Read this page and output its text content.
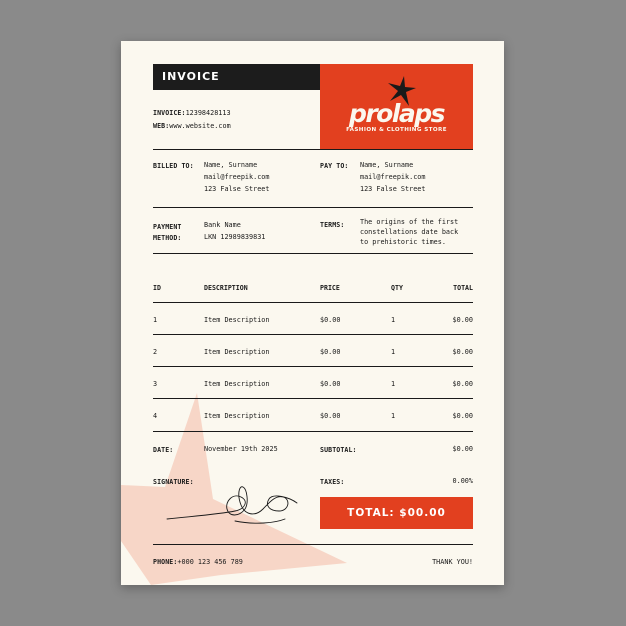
INVOICE
prolaps
FASHION & CLOTHING STORE
INVOICE:12398428113
WEB:www.website.com
BILLED TO: Name, Surname
mail@freepik.com
123 False Street
PAY TO: Name, Surname
mail@freepik.com
123 False Street
PAYMENT
METHOD:
Bank Name
LKN 12989839831
TERMS: The origins of the first
constellations date back
to prehistoric times.
ID	DESCRIPTION	PRICE	QTY	TOTAL
1	Item Description	$0.00	1	$0.00
2	Item Description	$0.00	1	$0.00
3	Item Description	$0.00	1	$0.00
4	Item Description	$0.00	1	$0.00
DATE:	November 19th 2025	SUBTOTAL:	$0.00
SIGNATURE:	TAXES:	0.00%
TOTAL:
$00.00
PHONE:+000 123 456 789	THANK YOU!
